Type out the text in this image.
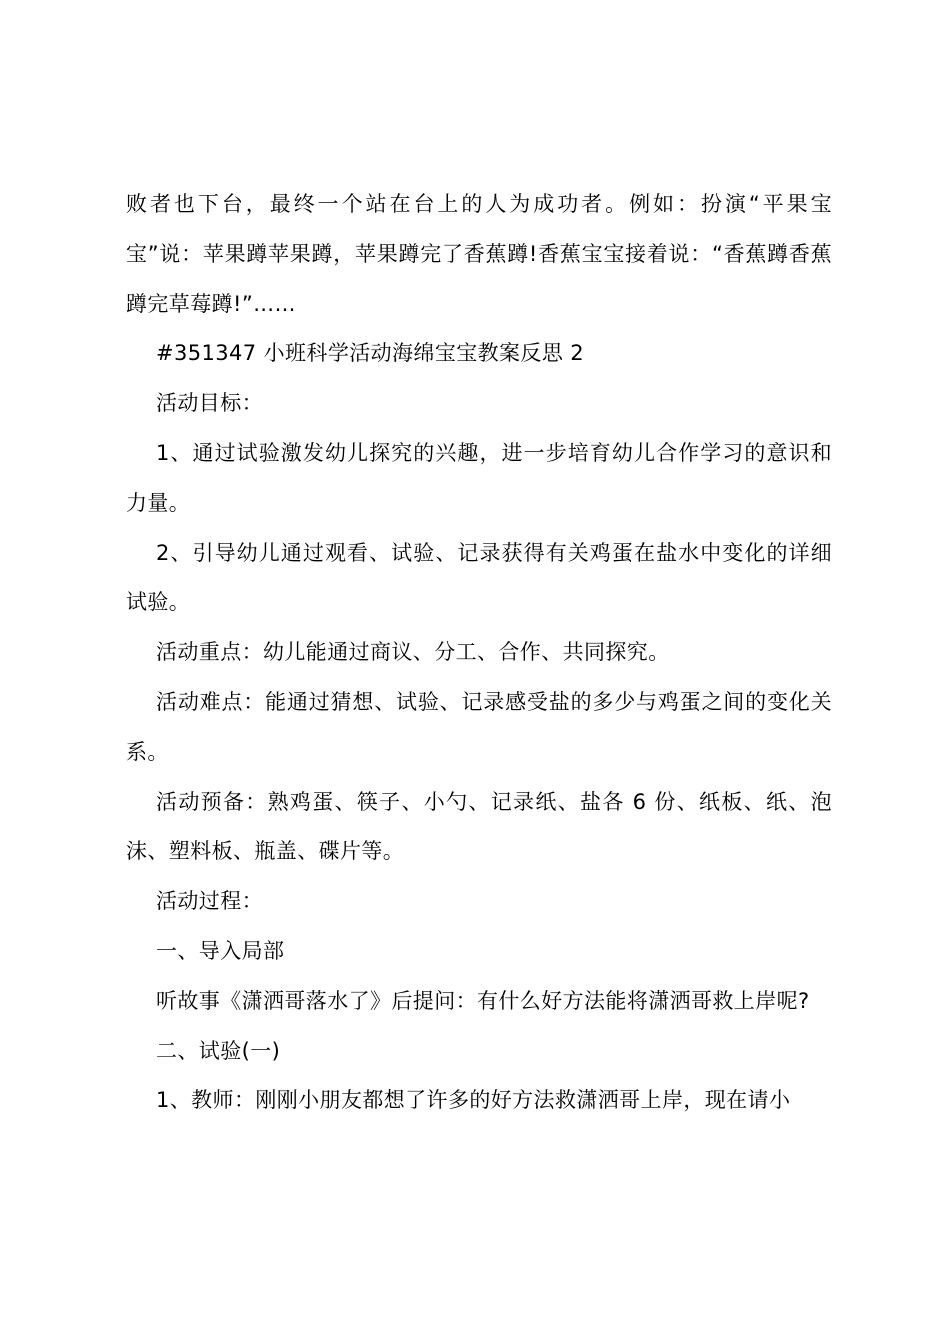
败者也下台，最终一个站在台上的人为成功者。例如：扮演“平果宝宝”说：苹果蹲苹果蹲，苹果蹲完了香蕉蹲!香蕉宝宝接着说：“香蕉蹲香蕉蹲完草莓蹲!”……

#351347 小班科学活动海绵宝宝教案反思 2

活动目标：

1、通过试验激发幼儿探究的兴趣，进一步培育幼儿合作学习的意识和力量。

2、引导幼儿通过观看、试验、记录获得有关鸡蛋在盐水中变化的详细试验。

活动重点：幼儿能通过商议、分工、合作、共同探究。

活动难点：能通过猜想、试验、记录感受盐的多少与鸡蛋之间的变化关系。

活动预备：熟鸡蛋、筷子、小勺、记录纸、盐各 6 份、纸板、纸、泡沫、塑料板、瓶盖、碟片等。

活动过程：

一、导入局部

听故事《潇洒哥落水了》后提问：有什么好方法能将潇洒哥救上岸呢?

二、试验(一)

1、教师：刚刚小朋友都想了许多的好方法救潇洒哥上岸，现在请小
